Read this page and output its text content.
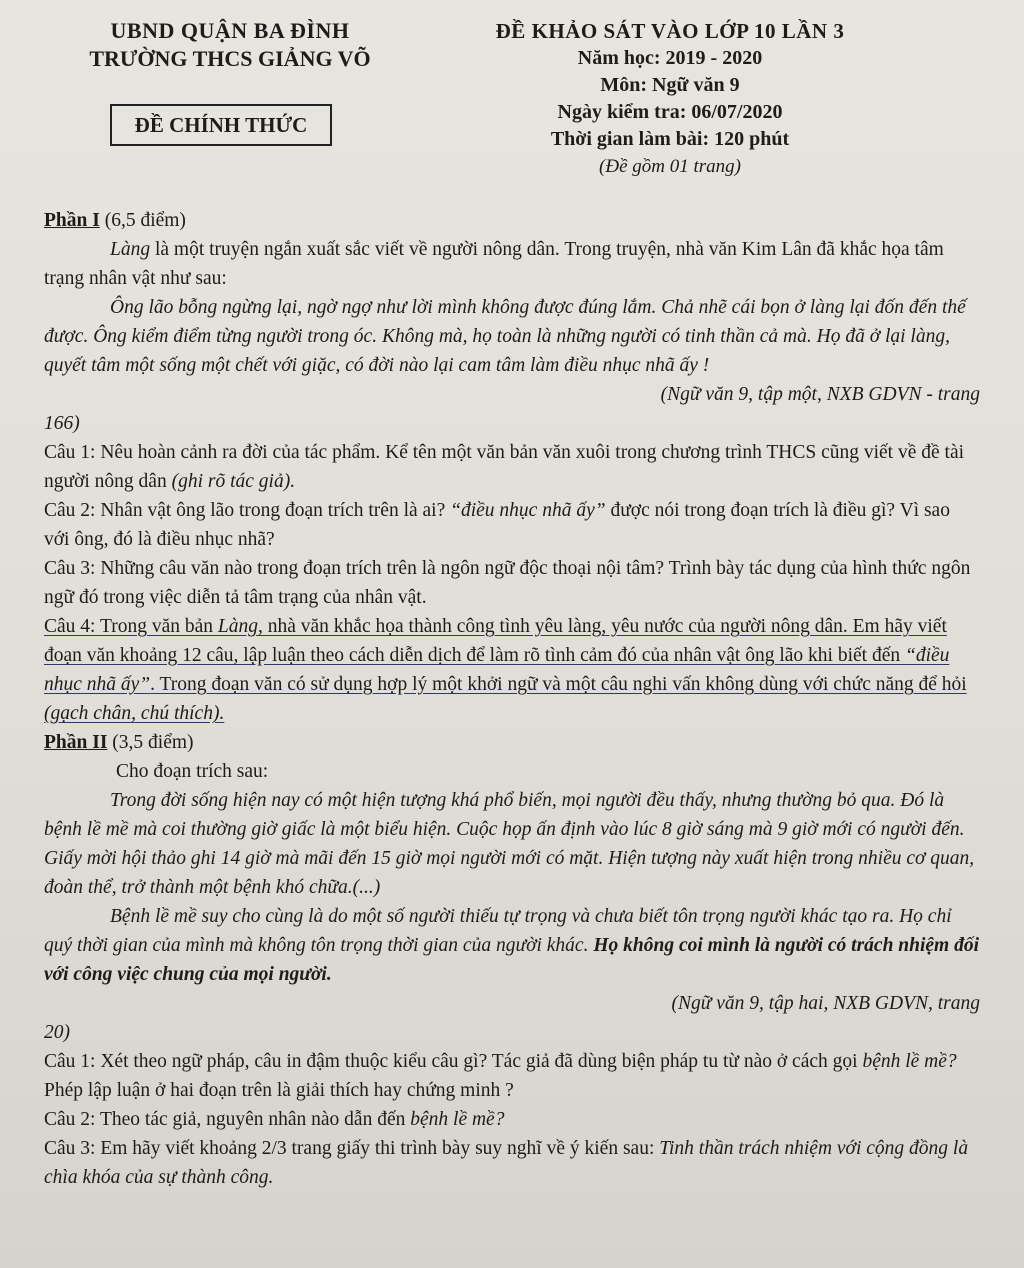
UBND QUẬN BA ĐÌNH
TRƯỜNG THCS GIẢNG VÕ
ĐỀ CHÍNH THỨC
ĐỀ KHẢO SÁT VÀO LỚP 10 LẦN 3
Năm học: 2019 - 2020
Môn: Ngữ văn 9
Ngày kiểm tra: 06/07/2020
Thời gian làm bài: 120 phút
(Đề gồm 01 trang)

Phần I (6,5 điểm)

Làng là một truyện ngắn xuất sắc viết về người nông dân. Trong truyện, nhà văn Kim Lân đã khắc họa tâm trạng nhân vật như sau:

Ông lão bỗng ngừng lại, ngờ ngợ như lời mình không được đúng lắm. Chả nhẽ cái bọn ở làng lại đốn đến thế được. Ông kiểm điểm từng người trong óc. Không mà, họ toàn là những người có tinh thần cả mà. Họ đã ở lại làng, quyết tâm một sống một chết với giặc, có đời nào lại cam tâm làm điều nhục nhã ấy !

(Ngữ văn 9, tập một, NXB GDVN - trang

166)

Câu 1: Nêu hoàn cảnh ra đời của tác phẩm. Kể tên một văn bản văn xuôi trong chương trình THCS cũng viết về đề tài người nông dân (ghi rõ tác giả).

Câu 2: Nhân vật ông lão trong đoạn trích trên là ai? “điều nhục nhã ấy” được nói trong đoạn trích là điều gì? Vì sao với ông, đó là điều nhục nhã?

Câu 3: Những câu văn nào trong đoạn trích trên là ngôn ngữ độc thoại nội tâm? Trình bày tác dụng của hình thức ngôn ngữ đó trong việc diễn tả tâm trạng của nhân vật.

Câu 4: Trong văn bản Làng, nhà văn khắc họa thành công tình yêu làng, yêu nước của người nông dân. Em hãy viết đoạn văn khoảng 12 câu, lập luận theo cách diễn dịch để làm rõ tình cảm đó của nhân vật ông lão khi biết đến “điều nhục nhã ấy”. Trong đoạn văn có sử dụng hợp lý một khởi ngữ và một câu nghi vấn không dùng với chức năng để hỏi (gạch chân, chú thích).

Phần II (3,5 điểm)

Cho đoạn trích sau:

Trong đời sống hiện nay có một hiện tượng khá phổ biến, mọi người đều thấy, nhưng thường bỏ qua. Đó là bệnh lề mề mà coi thường giờ giấc là một biểu hiện. Cuộc họp ấn định vào lúc 8 giờ sáng mà 9 giờ mới có người đến. Giấy mời hội thảo ghi 14 giờ mà mãi đến 15 giờ mọi người mới có mặt. Hiện tượng này xuất hiện trong nhiều cơ quan, đoàn thể, trở thành một bệnh khó chữa.(...)

Bệnh lề mề suy cho cùng là do một số người thiếu tự trọng và chưa biết tôn trọng người khác tạo ra. Họ chỉ quý thời gian của mình mà không tôn trọng thời gian của người khác. Họ không coi mình là người có trách nhiệm đối với công việc chung của mọi người.

(Ngữ văn 9, tập hai, NXB GDVN, trang

20)

Câu 1: Xét theo ngữ pháp, câu in đậm thuộc kiểu câu gì? Tác giả đã dùng biện pháp tu từ nào ở cách gọi bệnh lề mề? Phép lập luận ở hai đoạn trên là giải thích hay chứng minh ?

Câu 2: Theo tác giả, nguyên nhân nào dẫn đến bệnh lề mề?

Câu 3: Em hãy viết khoảng 2/3 trang giấy thi trình bày suy nghĩ về ý kiến sau: Tinh thần trách nhiệm với cộng đồng là chìa khóa của sự thành công.
